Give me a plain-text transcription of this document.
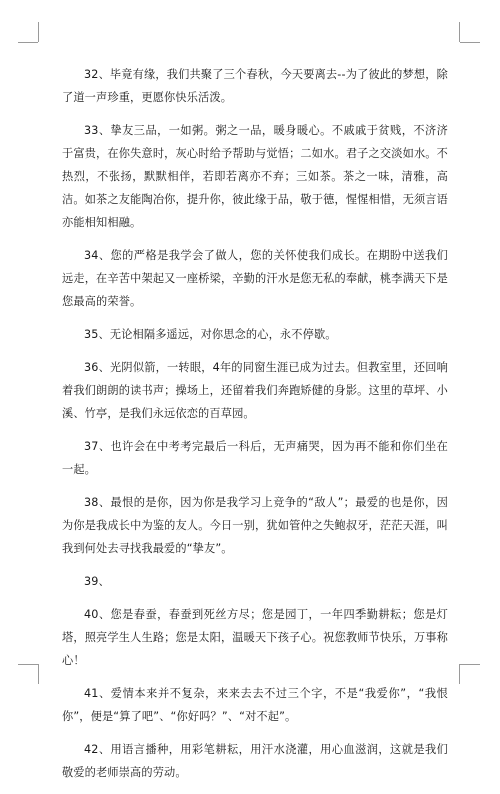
32、毕竟有缘，我们共聚了三个春秋，今天要离去--为了彼此的梦想，除了道一声珍重，更愿你快乐活泼。

33、挚友三品，一如粥。粥之一品，暖身暖心。不戚戚于贫贱，不济济于富贵，在你失意时，灰心时给予帮助与觉悟；二如水。君子之交淡如水。不热烈，不张扬，默默相伴，若即若离亦不弃；三如茶。茶之一味，清雅，高洁。如茶之友能陶冶你，提升你，彼此缘于品，敬于德，惺惺相惜，无须言语亦能相知相融。

34、您的严格是我学会了做人，您的关怀使我们成长。在期盼中送我们远走，在辛苦中架起又一座桥梁，辛勤的汗水是您无私的奉献，桃李满天下是您最高的荣誉。

35、无论相隔多遥远，对你思念的心，永不停歇。

36、光阴似箭，一转眼，4年的同窗生涯已成为过去。但教室里，还回响着我们朗朗的读书声；操场上，还留着我们奔跑矫健的身影。这里的草坪、小溪、竹亭，是我们永远依恋的百草园。

37、也许会在中考考完最后一科后，无声痛哭，因为再不能和你们坐在一起。

38、最恨的是你，因为你是我学习上竞争的“敌人”；最爱的也是你，因为你是我成长中为鉴的友人。今日一别，犹如管仲之失鲍叔牙，茫茫天涯，叫我到何处去寻找我最爱的“挚友”。

39、

40、您是春蚕，春蚕到死丝方尽；您是园丁，一年四季勤耕耘；您是灯塔，照亮学生人生路；您是太阳，温暖天下孩子心。祝您教师节快乐，万事称心！

41、爱情本来并不复杂，来来去去不过三个字，不是“我爱你”，“我恨你”，便是“算了吧”、“你好吗？”、“对不起”。

42、用语言播种，用彩笔耕耘，用汗水浇灌，用心血滋润，这就是我们敬爱的老师崇高的劳动。
